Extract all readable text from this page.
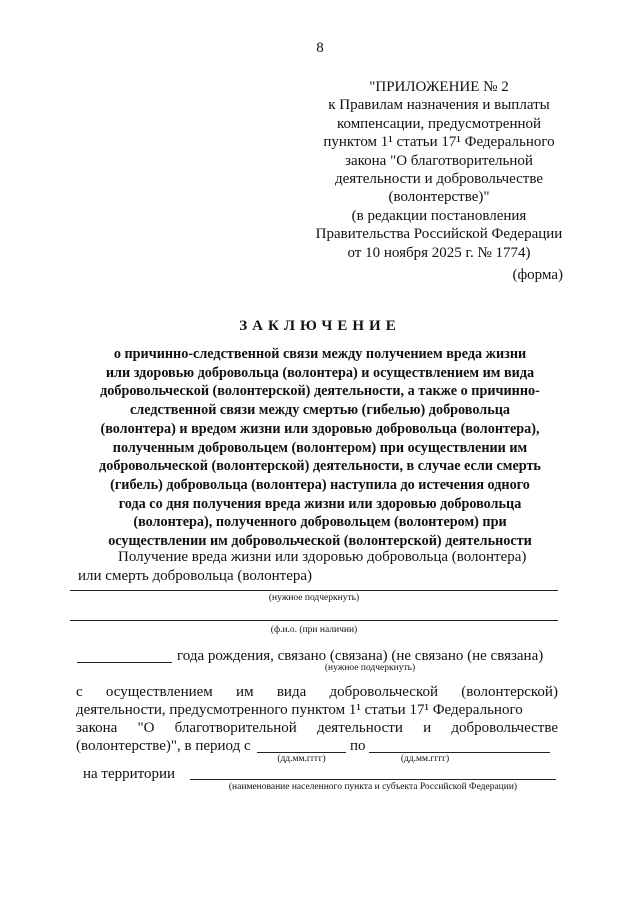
8
"ПРИЛОЖЕНИЕ № 2
к Правилам назначения и выплаты
компенсации, предусмотренной
пунктом 1¹ статьи 17¹ Федерального
закона "О благотворительной
деятельности и добровольчестве
(волонтерстве)"
(в редакции постановления
Правительства Российской Федерации
от 10 ноября 2025 г. № 1774)
(форма)
ЗАКЛЮЧЕНИЕ
о причинно-следственной связи между получением вреда жизни
или здоровью добровольца (волонтера) и осуществлением им вида
добровольческой (волонтерской) деятельности, а также о причинно-
следственной связи между смертью (гибелью) добровольца
(волонтера) и вредом жизни или здоровью добровольца (волонтера),
полученным добровольцем (волонтером) при осуществлении им
добровольческой (волонтерской) деятельности, в случае если смерть
(гибель) добровольца (волонтера) наступила до истечения одного
года со дня получения вреда жизни или здоровью добровольца
(волонтера), полученного добровольцем (волонтером) при
осуществлении им добровольческой (волонтерской) деятельности
Получение вреда жизни или здоровью добровольца (волонтера)
или смерть добровольца (волонтера)
(нужное подчеркнуть)
(ф.и.о. (при наличии)
года рождения, связано (связана) (не связано (не связана)
(нужное подчеркнуть)
с осуществлением им вида добровольческой (волонтерской)
деятельности, предусмотренного пунктом 1¹ статьи 17¹ Федерального
закона "О благотворительной деятельности и добровольчестве
(волонтерстве)", в период с	по
(дд.мм.гггг)	(дд.мм.гггг)
на территории
(наименование населенного пункта и субъекта Российской Федерации)
